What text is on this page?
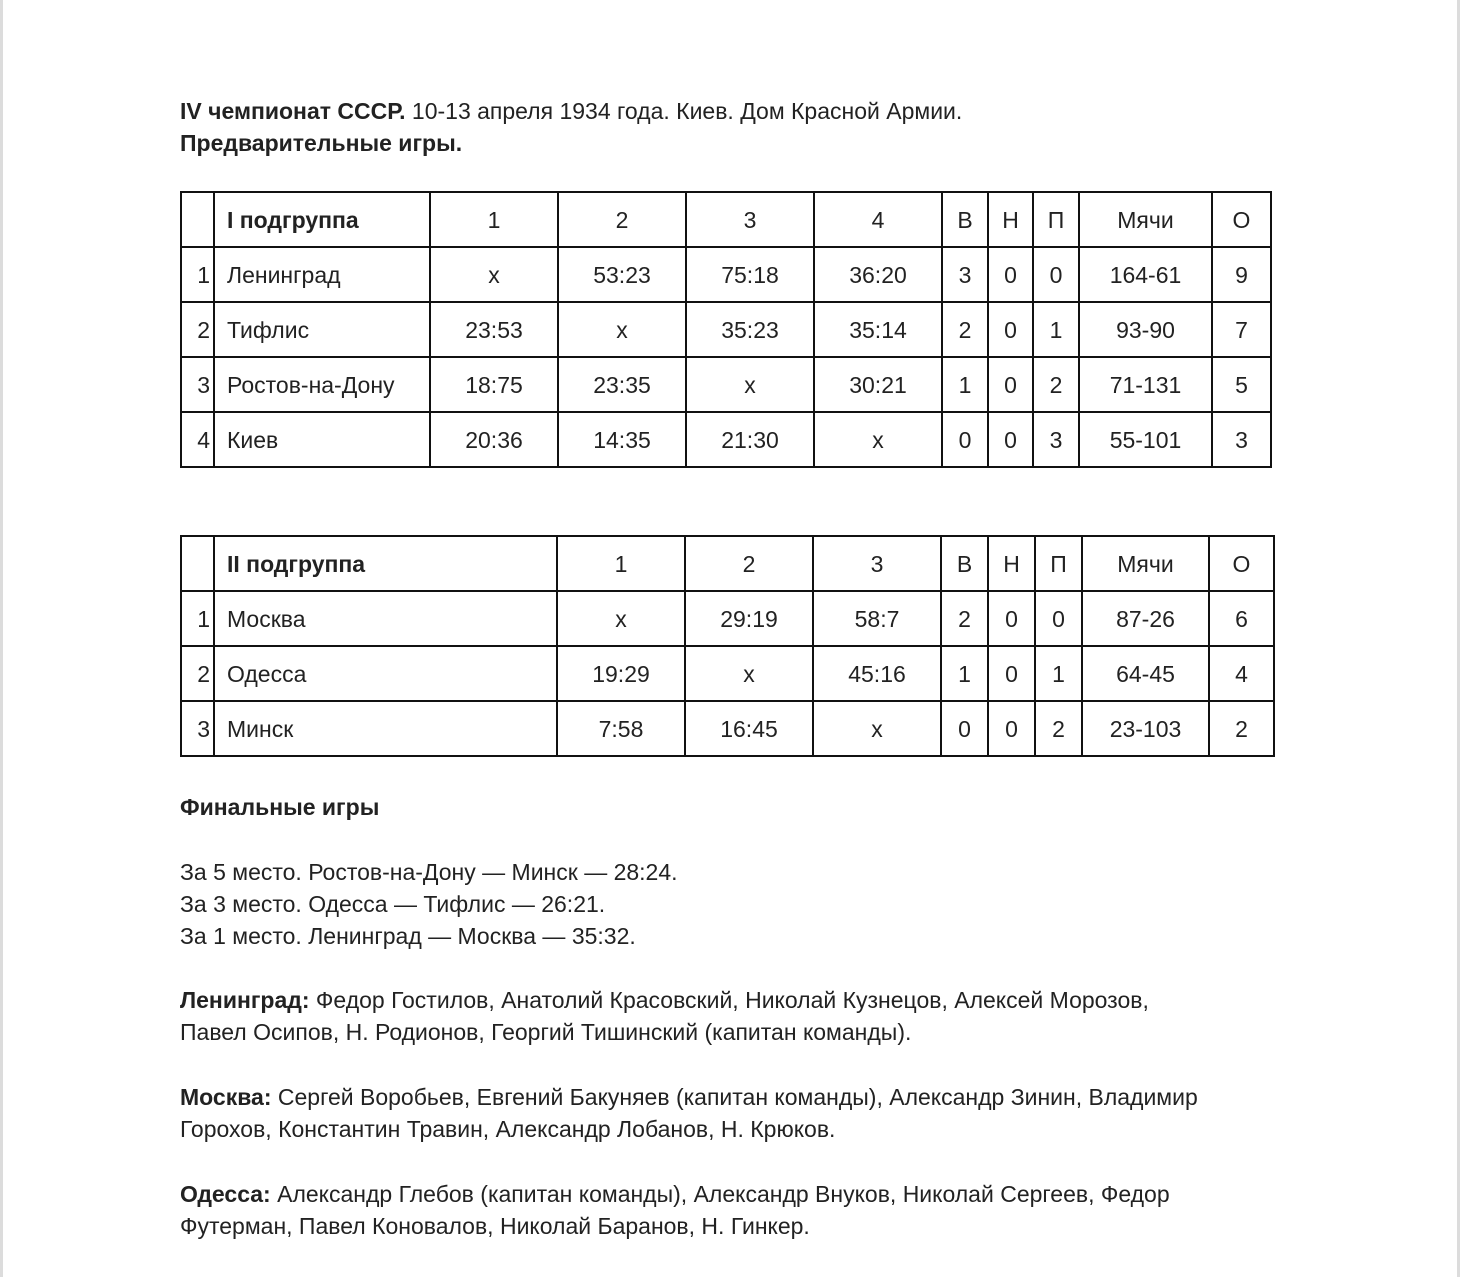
IV чемпионат СССР. 10-13 апреля 1934 года. Киев. Дом Красной Армии.
Предварительные игры.
	I подгруппа	1	2	3	4	В	Н	П	Мячи	О
1	Ленинград	х	53:23	75:18	36:20	3	0	0	164-61	9
2	Тифлис	23:53	х	35:23	35:14	2	0	1	93-90	7
3	Ростов-на-Дону	18:75	23:35	х	30:21	1	0	2	71-131	5
4	Киев	20:36	14:35	21:30	х	0	0	3	55-101	3
	II подгруппа	1	2	3	В	Н	П	Мячи	О
1	Москва	х	29:19	58:7	2	0	0	87-26	6
2	Одесса	19:29	х	45:16	1	0	1	64-45	4
3	Минск	7:58	16:45	х	0	0	2	23-103	2
Финальные игры
За 5 место. Ростов-на-Дону — Минск — 28:24.
За 3 место. Одесса — Тифлис — 26:21.
За 1 место. Ленинград — Москва — 35:32.
Ленинград: Федор Гостилов, Анатолий Красовский, Николай Кузнецов, Алексей Морозов,
Павел Осипов, Н. Родионов, Георгий Тишинский (капитан команды).
Москва: Сергей Воробьев, Евгений Бакуняев (капитан команды), Александр Зинин, Владимир
Горохов, Константин Травин, Александр Лобанов, Н. Крюков.
Одесса: Александр Глебов (капитан команды), Александр Внуков, Николай Сергеев, Федор
Футерман, Павел Коновалов, Николай Баранов, Н. Гинкер.
